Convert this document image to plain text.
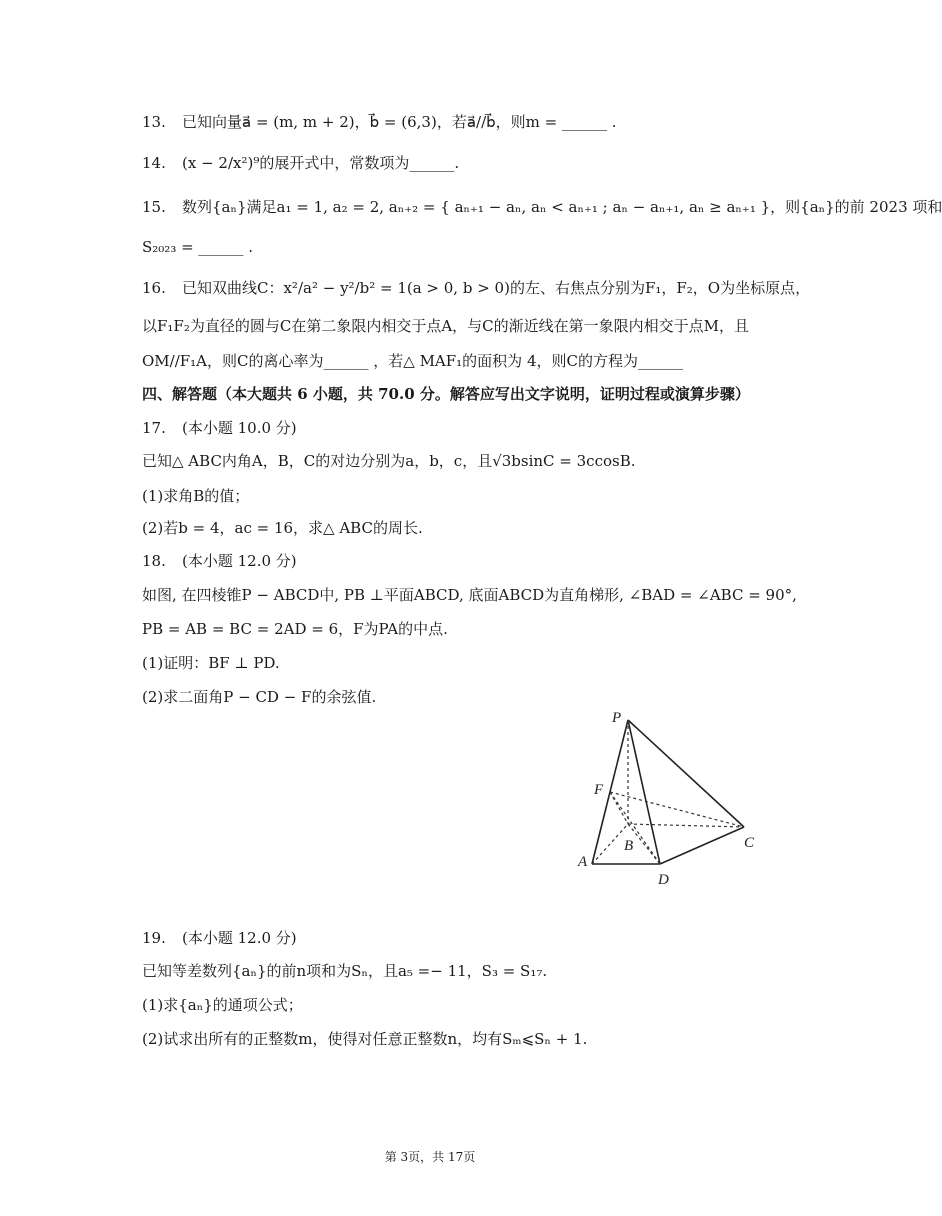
13. 已知向量a⃗ = (m, m + 2)，b⃗ = (6,3)，若a⃗//b⃗，则m = ______ .
14. (x − 2/x²)⁹的展开式中，常数项为______.
15. 数列{aₙ}满足a₁ = 1, a₂ = 2, aₙ₊₂ = { aₙ₊₁ − aₙ, aₙ < aₙ₊₁ ; aₙ − aₙ₊₁, aₙ ≥ aₙ₊₁ }，则{aₙ}的前 2023 项和
S₂₀₂₃ = ______ .
16. 已知双曲线C：x²/a² − y²/b² = 1(a > 0, b > 0)的左、右焦点分别为F₁，F₂，O为坐标原点，
以F₁F₂为直径的圆与C在第二象限内相交于点A，与C的渐近线在第一象限内相交于点M，且
OM//F₁A，则C的离心率为______ ，若△ MAF₁的面积为 4，则C的方程为______
四、解答题（本大题共 6 小题，共 70.0 分。解答应写出文字说明，证明过程或演算步骤）
17. (本小题 10.0 分)
已知△ ABC内角A，B，C的对边分别为a，b，c，且√3bsinC = 3ccosB.
(1)求角B的值；
(2)若b = 4，ac = 16，求△ ABC的周长.
18. (本小题 12.0 分)
如图, 在四棱锥P − ABCD中, PB ⊥平面ABCD, 底面ABCD为直角梯形, ∠BAD = ∠ABC = 90°,
PB = AB = BC = 2AD = 6，F为PA的中点.
(1)证明：BF ⊥ PD.
(2)求二面角P − CD − F的余弦值.
P
F
B	C
A
D
19. (本小题 12.0 分)
已知等差数列{aₙ}的前n项和为Sₙ，且a₅ =− 11，S₃ = S₁₇.
(1)求{aₙ}的通项公式；
(2)试求出所有的正整数m，使得对任意正整数n，均有Sₘ⩽Sₙ + 1.
第 3页，共 17页
